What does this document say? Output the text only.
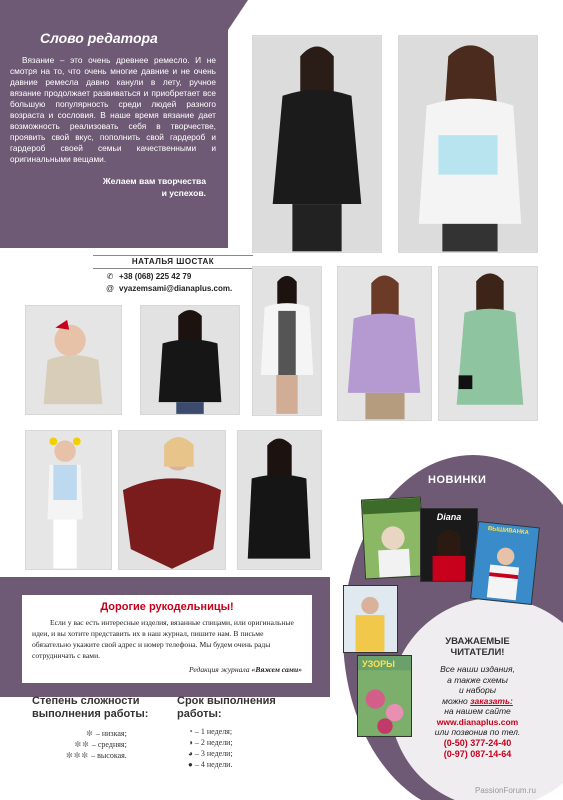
Слово редатора
Вязание – это очень древнее ремесло. И не смотря на то, что очень многие давние и не очень давние ремесла давно канули в лету, ручное вязание продолжает развиваться и приобретает все большую популярность среди людей разного возраста и сословия. В наше время вязание дает возможность реализовать себя в творчестве, проявить свой вкус, пополнить свой гардероб и гардероб своей семьи качественными и оригинальными вещами.
Желаем вам творчества
и успехов.
НАТАЛЬЯ ШОСТАК
✆ +38 (068) 225 42 79
@ vyazemsami@dianaplus.com.
Дорогие рукодельницы!
Если у вас есть интересные изделия, вязанные спицами, или оригинальные идеи, и вы хотите представить их в наш журнал, пишите нам. В письме обязательно укажите свой адрес и номер телефона. Мы будем очень рады сотрудничать с вами.
Редакция журнала «Вяжем сами»
Степень сложности
выполнения работы:
✼ – низкая;
✼✼ – средняя;
✼✼✼ – высокая.
Срок выполнения
работы:
◔ – 1 неделя;
◑ – 2 недели;
◕ – 3 недели;
● – 4 недели.
НОВИНКИ
Diana
ВЫШИВАНКА
УЗОРЫ
УВАЖАЕМЫЕ
ЧИТАТЕЛИ!
Все наши издания,
а также схемы
и наборы
можно заказать:
на нашем сайте
www.dianaplus.com
или позвонив по тел.
(0-50) 377-24-40
(0-97) 087-14-64
PassionForum.ru
